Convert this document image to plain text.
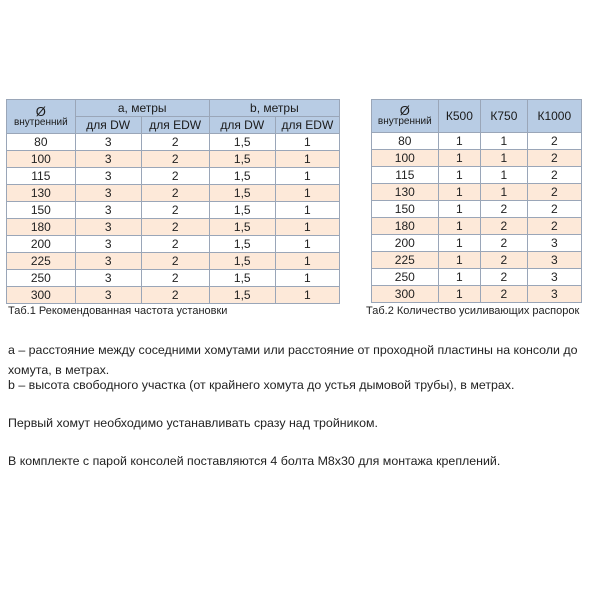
Ø
внутренний	a, метры		b, метры	
	для DW	для EDW	для DW	для EDW
80	3	2	1,5	1
100	3	2	1,5	1
115	3	2	1,5	1
130	3	2	1,5	1
150	3	2	1,5	1
180	3	2	1,5	1
200	3	2	1,5	1
225	3	2	1,5	1
250	3	2	1,5	1
300	3	2	1,5	1
Ø
внутренний	К500	К750	К1000
80	1	1	2
100	1	1	2
115	1	1	2
130	1	1	2
150	1	2	2
180	1	2	2
200	1	2	3
225	1	2	3
250	1	2	3
300	1	2	3
Таб.1 Рекомендованная частота установки	Таб.2 Количество усиливающих распорок

a – расстояние между соседними хомутами или расстояние от проходной пластины на консоли до хомута, в метрах.

b – высота свободного участка (от крайнего хомута до устья дымовой трубы), в метрах.

Первый хомут необходимо устанавливать сразу над тройником.

В комплекте с парой консолей поставляются 4 болта М8х30 для монтажа креплений.
